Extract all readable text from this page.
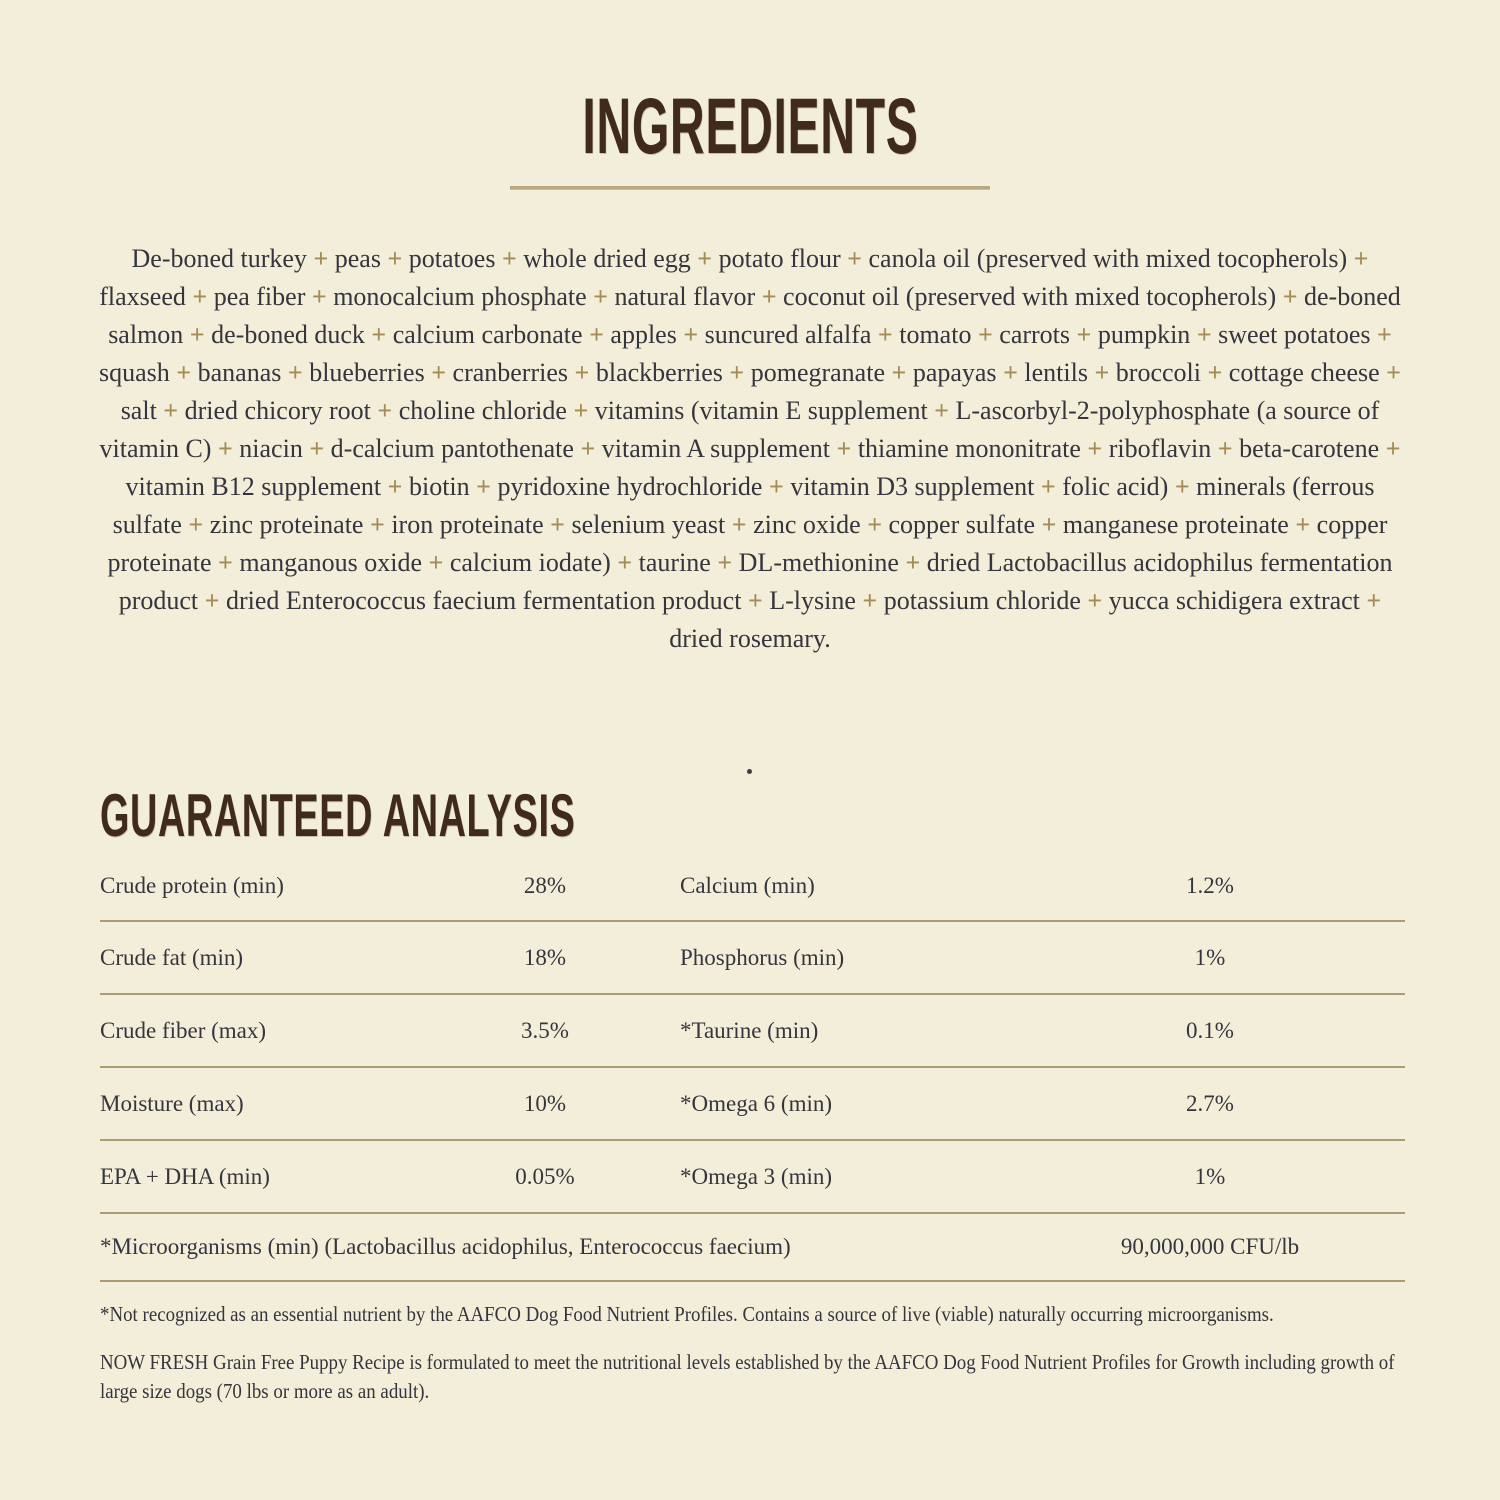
INGREDIENTS
De-boned turkey + peas + potatoes + whole dried egg + potato flour + canola oil (preserved with mixed tocopherols) + flaxseed + pea fiber + monocalcium phosphate + natural flavor + coconut oil (preserved with mixed tocopherols) + de-boned salmon + de-boned duck + calcium carbonate + apples + suncured alfalfa + tomato + carrots + pumpkin + sweet potatoes + squash + bananas + blueberries + cranberries + blackberries + pomegranate + papayas + lentils + broccoli + cottage cheese + salt + dried chicory root + choline chloride + vitamins (vitamin E supplement + L-ascorbyl-2-polyphosphate (a source of vitamin C) + niacin + d-calcium pantothenate + vitamin A supplement + thiamine mononitrate + riboflavin + beta-carotene + vitamin B12 supplement + biotin + pyridoxine hydrochloride + vitamin D3 supplement + folic acid) + minerals (ferrous sulfate + zinc proteinate + iron proteinate + selenium yeast + zinc oxide + copper sulfate + manganese proteinate + copper proteinate + manganous oxide + calcium iodate) + taurine + DL-methionine + dried Lactobacillus acidophilus fermentation product + dried Enterococcus faecium fermentation product + L-lysine + potassium chloride + yucca schidigera extract + dried rosemary.
GUARANTEED ANALYSIS
Crude protein (min)	28%	Calcium (min)	1.2%
Crude fat (min)	18%	Phosphorus (min)	1%
Crude fiber (max)	3.5%	*Taurine (min)	0.1%
Moisture (max)	10%	*Omega 6 (min)	2.7%
EPA + DHA (min)	0.05%	*Omega 3 (min)	1%
*Microorganisms (min) (Lactobacillus acidophilus, Enterococcus faecium)	90,000,000 CFU/lb
*Not recognized as an essential nutrient by the AAFCO Dog Food Nutrient Profiles. Contains a source of live (viable) naturally occurring microorganisms.
NOW FRESH Grain Free Puppy Recipe is formulated to meet the nutritional levels established by the AAFCO Dog Food Nutrient Profiles for Growth including growth of large size dogs (70 lbs or more as an adult).
